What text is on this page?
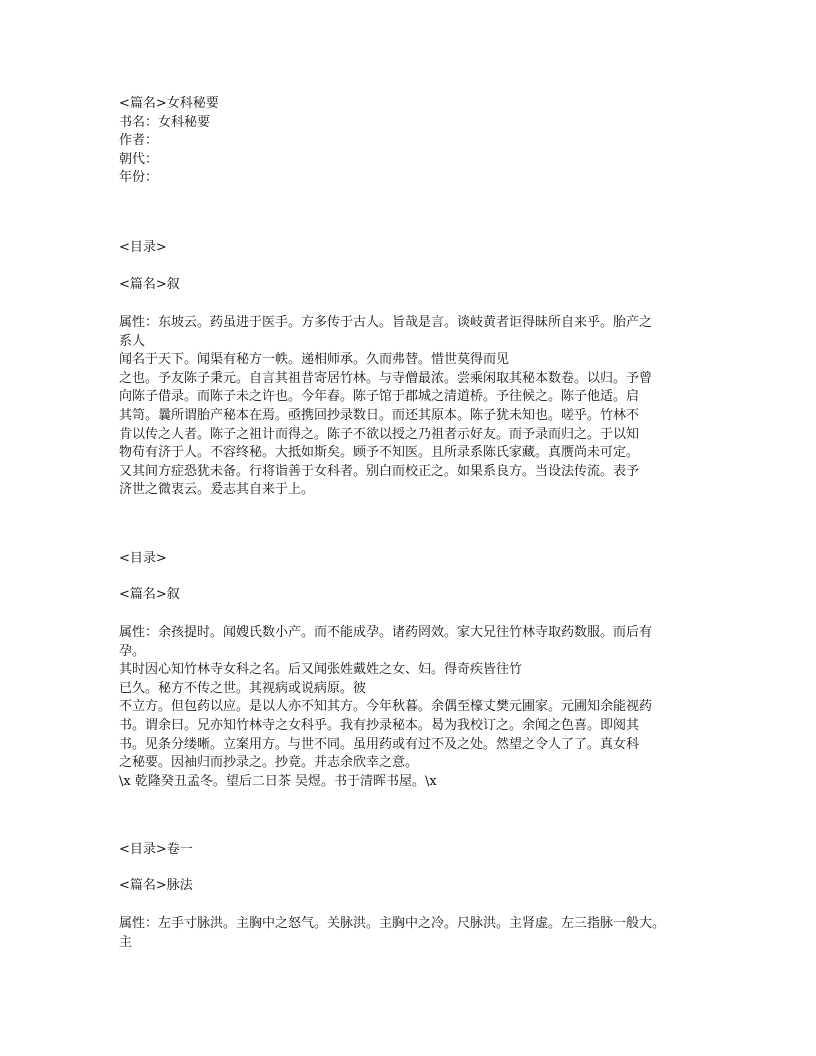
<篇名>女科秘要
书名：女科秘要
作者：
朝代：
年份：
<目录>
<篇名>叙
属性：东坡云。药虽进于医手。方多传于古人。旨哉是言。谈岐黄者讵得昧所自来乎。胎产之
系人
闻名于天下。闻渠有秘方一帙。递相师承。久而弗替。惜世莫得而见
之也。予友陈子秉元。自言其祖昔寄居竹林。与寺僧最浓。尝乘闲取其秘本数卷。以归。予曾
向陈子借录。而陈子未之许也。今年春。陈子馆于郡城之清道桥。予往候之。陈子他适。启
其笥。曩所谓胎产秘本在焉。亟携回抄录数日。而还其原本。陈子犹未知也。嗟乎。竹林不
肯以传之人者。陈子之祖计而得之。陈子不欲以授之乃祖者示好友。而予录而归之。于以知
物苟有济于人。不容终秘。大抵如斯矣。顾予不知医。且所录系陈氏家藏。真赝尚未可定。
又其间方症恐犹未备。行将诣善于女科者。别白而校正之。如果系良方。当设法传流。表予
济世之微衷云。爰志其自来于上。
<目录>
<篇名>叙
属性：余孩提时。闻嫂氏数小产。而不能成孕。诸药罔效。家大兄往竹林寺取药数服。而后有
孕。
其时因心知竹林寺女科之名。后又闻张姓戴姓之女、妇。得奇疾皆往竹
已久。秘方不传之世。其视病或说病原。彼
不立方。但包药以应。是以人亦不知其方。今年秋暮。余偶至檺丈樊元圃家。元圃知余能视药
书。谓余曰。兄亦知竹林寺之女科乎。我有抄录秘本。曷为我校订之。余闻之色喜。即阅其
书。见条分缕晰。立案用方。与世不同。虽用药或有过不及之处。然望之令人了了。真女科
之秘要。因袖归而抄录之。抄竟。并志余欣幸之意。
\x 乾隆癸丑孟冬。望后二日茶 吴煜。书于清晖书屋。\x
<目录>卷一
<篇名>脉法
属性：左手寸脉洪。主胸中之怒气。关脉洪。主胸中之冷。尺脉洪。主肾虚。左三指脉一般大。
主
